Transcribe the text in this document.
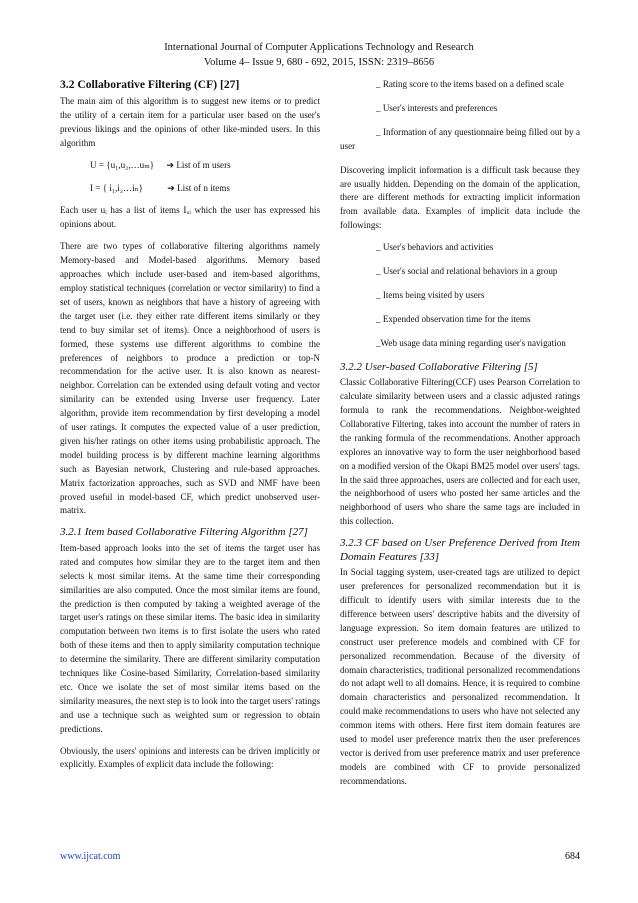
International Journal of Computer Applications Technology and Research
Volume 4– Issue 9, 680 - 692, 2015, ISSN: 2319–8656
3.2 Collaborative Filtering (CF) [27]

The main aim of this algorithm is to suggest new items or to predict the utility of a certain item for a particular user based on the user's previous likings and the opinions of other like-minded users. In this algorithm

U = {u₁,u₂,…uₘ} ➔ List of m users
I = { i₁,i₂…iₙ}	➔ List of n items

Each user uᵢ has a list of items Iᵤᵢ which the user has expressed his opinions about.

There are two types of collaborative filtering algorithms namely Memory-based and Model-based algorithms. Memory based approaches which include user-based and item-based algorithms, employ statistical techniques (correlation or vector similarity) to find a set of users, known as neighbors that have a history of agreeing with the target user (i.e. they either rate different items similarly or they tend to buy similar set of items). Once a neighborhood of users is formed, these systems use different algorithms to combine the preferences of neighbors to produce a prediction or top-N recommendation for the active user. It is also known as nearest-neighbor. Correlation can be extended using default voting and vector similarity can be extended using Inverse user frequency. Later algorithm, provide item recommendation by first developing a model of user ratings. It computes the expected value of a user prediction, given his/her ratings on other items using probabilistic approach. The model building process is by different machine learning algorithms such as Bayesian network, Clustering and rule-based approaches. Matrix factorization approaches, such as SVD and NMF have been proved useful in model-based CF, which predict unobserved user-matrix.

3.2.1 Item based Collaborative Filtering Algorithm [27]

Item-based approach looks into the set of items the target user has rated and computes how similar they are to the target item and then selects k most similar items. At the same time their corresponding similarities are also computed. Once the most similar items are found, the prediction is then computed by taking a weighted average of the target user's ratings on these similar items. The basic idea in similarity computation between two items is to first isolate the users who rated both of these items and then to apply similarity computation technique to determine the similarity. There are different similarity computation techniques like Cosine-based Similarity, Correlation-based similarity etc. Once we isolate the set of most similar items based on the similarity measures, the next step is to look into the target users' ratings and use a technique such as weighted sum or regression to obtain predictions.

Obviously, the users' opinions and interests can be driven implicitly or explicitly. Examples of explicit data include the following:

_ Rating score to the items based on a defined scale

_ User's interests and preferences

_ Information of any questionnaire being filled out by a user

Discovering implicit information is a difficult task because they are usually hidden. Depending on the domain of the application, there are different methods for extracting implicit information from available data. Examples of implicit data include the followings:

_ User's behaviors and activities

_ User's social and relational behaviors in a group

_ Items being visited by users

_ Expended observation time for the items

_Web usage data mining regarding user's navigation

3.2.2 User-based Collaborative Filtering [5]

Classic Collaborative Filtering(CCF) uses Pearson Correlation to calculate similarity between users and a classic adjusted ratings formula to rank the recommendations. Neighbor-weighted Collaborative Filtering, takes into account the number of raters in the ranking formula of the recommendations. Another approach explores an innovative way to form the user neighborhood based on a modified version of the Okapi BM25 model over users' tags. In the said three approaches, users are collected and for each user, the neighborhood of users who posted her same articles and the neighborhood of users who share the same tags are included in this collection.

3.2.3 CF based on User Preference Derived from Item Domain Features [33]

In Social tagging system, user-created tags are utilized to depict user preferences for personalized recommendation but it is difficult to identify users with similar interests due to the difference between users' descriptive habits and the diversity of language expression. So item domain features are utilized to construct user preference models and combined with CF for personalized recommendation. Because of the diversity of domain characteristics, traditional personalized recommendations do not adapt well to all domains. Hence, it is required to combine domain characteristics and personalized recommendation. It could make recommendations to users who have not selected any common items with others. Here first item domain features are used to model user preference matrix then the user preferences vector is derived from user preference matrix and user preference models are combined with CF to provide personalized recommendations.

www.ijcat.com	684
